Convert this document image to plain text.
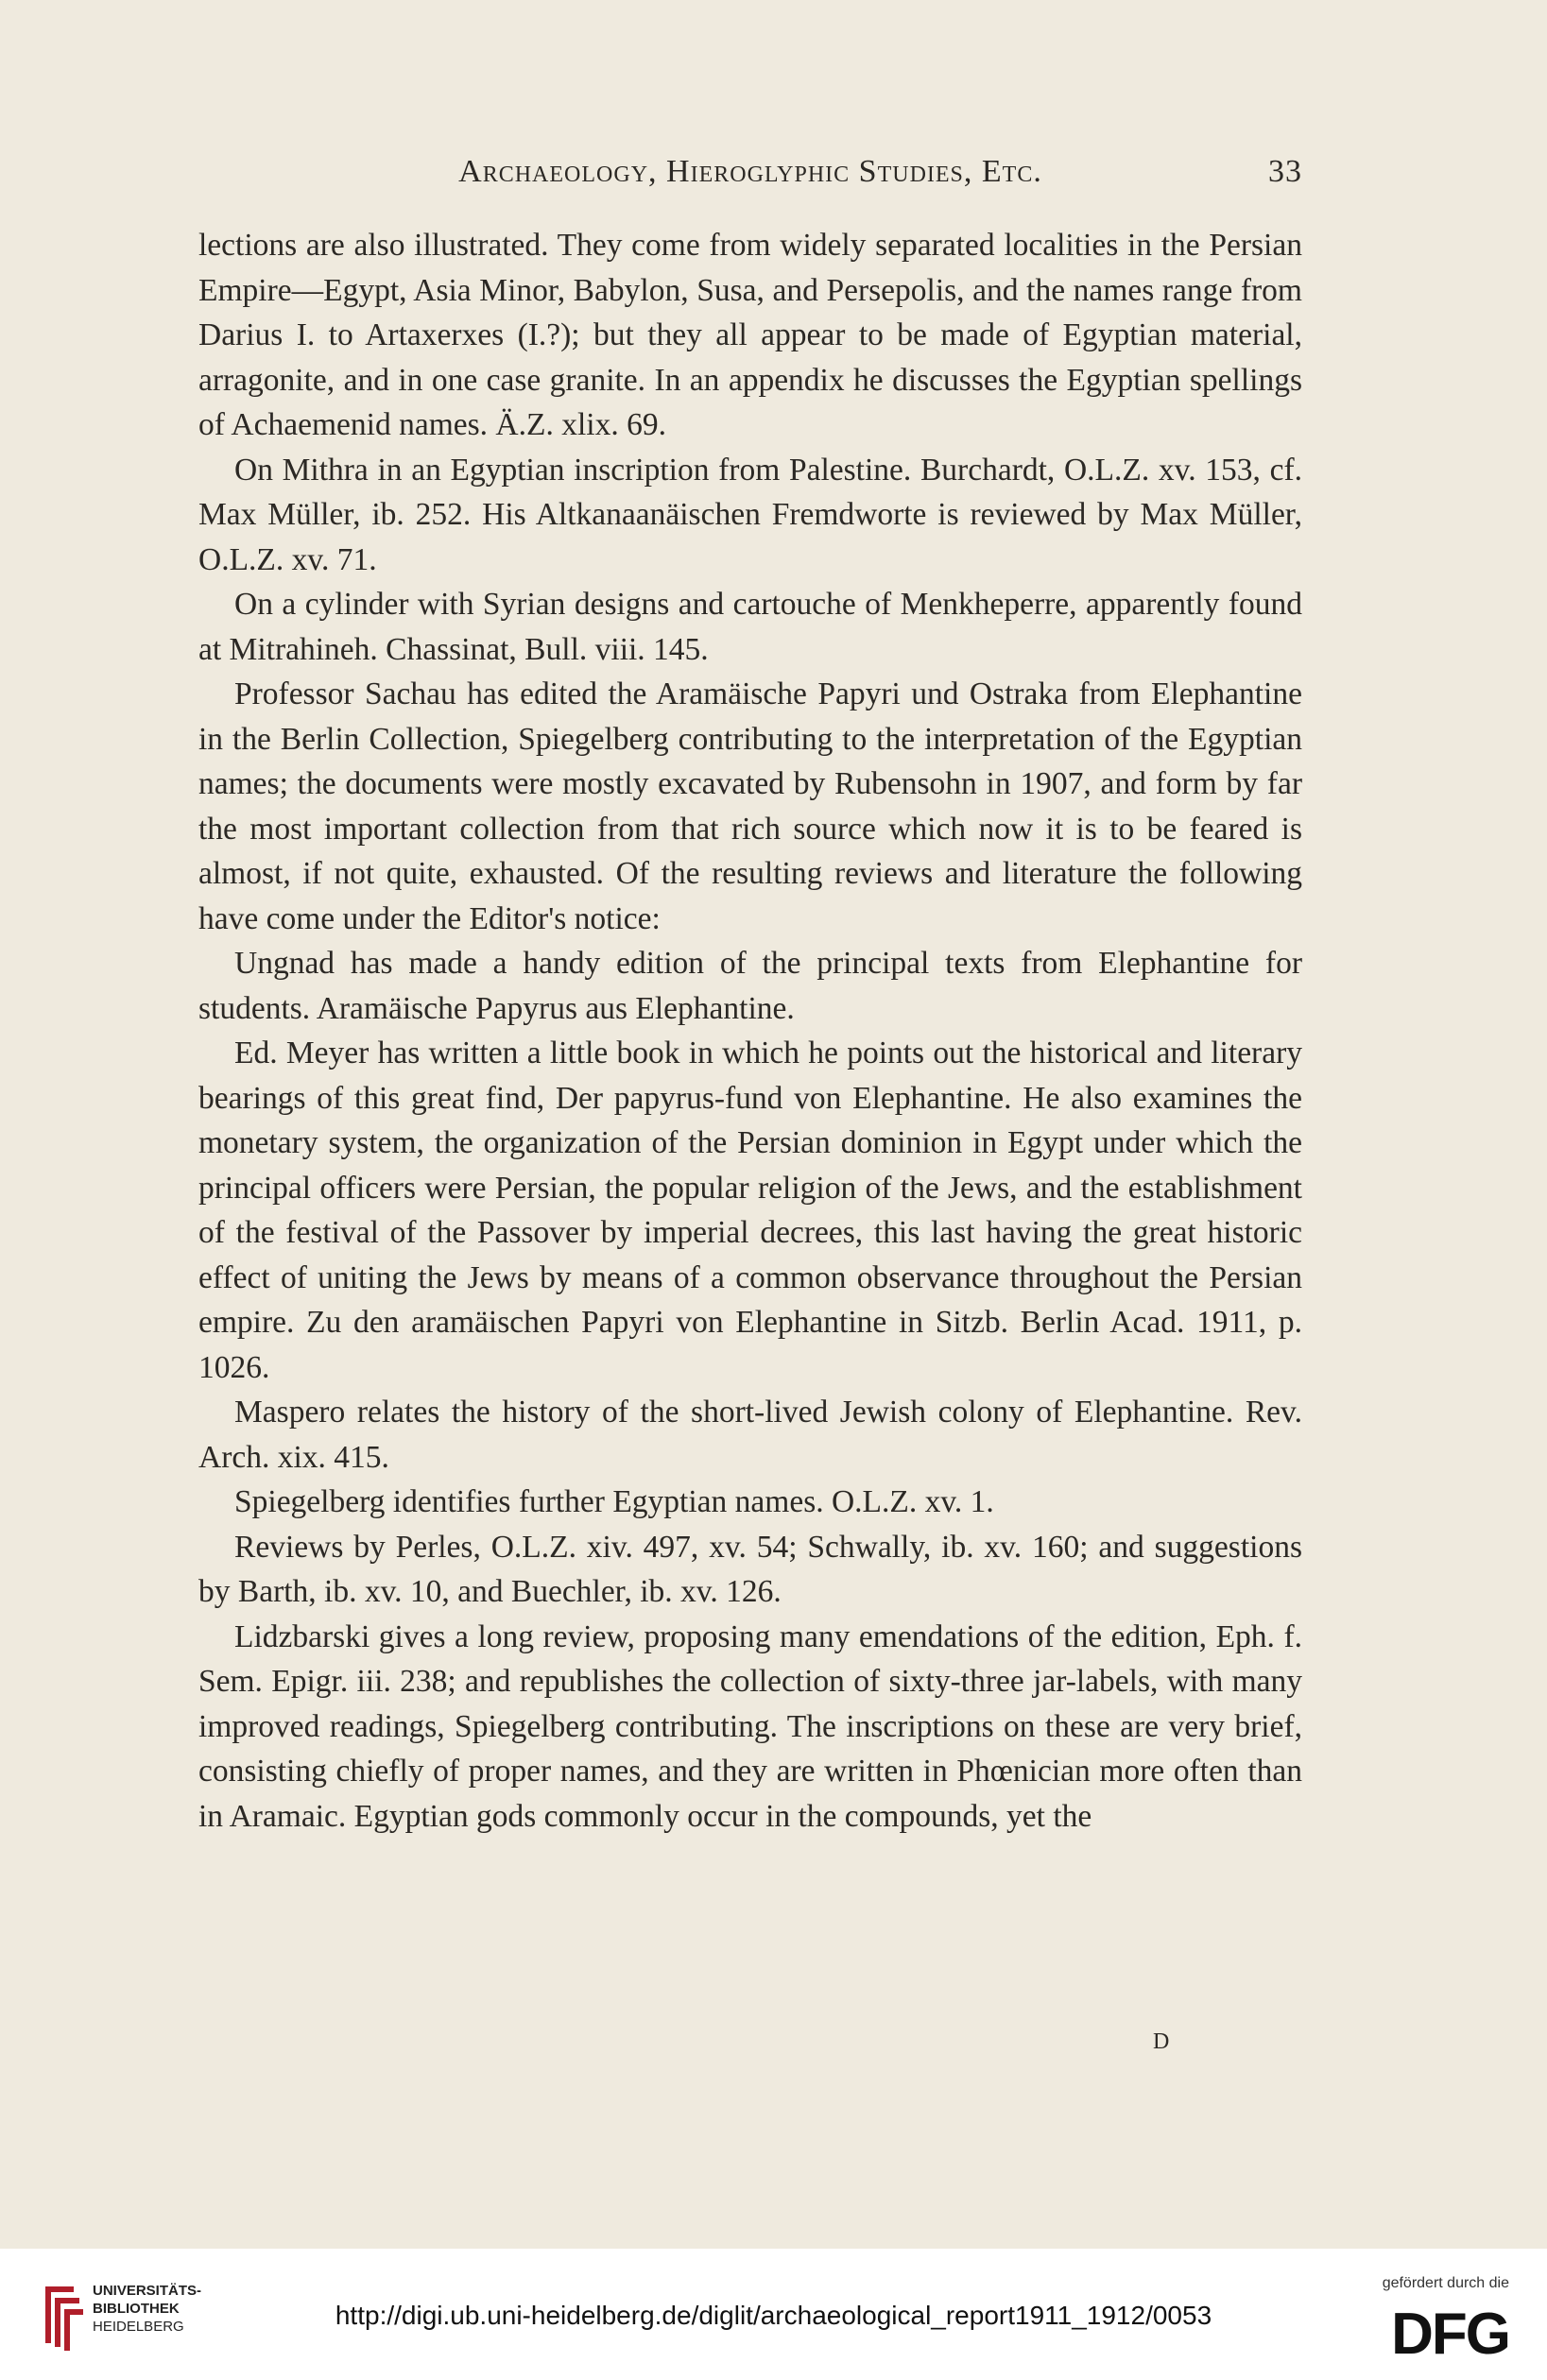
Archaeology, Hieroglyphic Studies, Etc.	33

lections are also illustrated. They come from widely separated localities in the Persian Empire—Egypt, Asia Minor, Babylon, Susa, and Persepolis, and the names range from Darius I. to Artaxerxes (I.?); but they all appear to be made of Egyptian material, arragonite, and in one case granite. In an appendix he discusses the Egyptian spellings of Achaemenid names. Ä.Z. xlix. 69.

On Mithra in an Egyptian inscription from Palestine. Burchardt, O.L.Z. xv. 153, cf. Max Müller, ib. 252. His Altkanaanäischen Fremdworte is reviewed by Max Müller, O.L.Z. xv. 71.

On a cylinder with Syrian designs and cartouche of Menkheperre, apparently found at Mitrahineh. Chassinat, Bull. viii. 145.

Professor Sachau has edited the Aramäische Papyri und Ostraka from Elephantine in the Berlin Collection, Spiegelberg contributing to the interpretation of the Egyptian names; the documents were mostly excavated by Rubensohn in 1907, and form by far the most important collection from that rich source which now it is to be feared is almost, if not quite, exhausted. Of the resulting reviews and literature the following have come under the Editor's notice:

Ungnad has made a handy edition of the principal texts from Elephantine for students. Aramäische Papyrus aus Elephantine.

Ed. Meyer has written a little book in which he points out the historical and literary bearings of this great find, Der papyrus-fund von Elephantine. He also examines the monetary system, the organization of the Persian dominion in Egypt under which the principal officers were Persian, the popular religion of the Jews, and the establishment of the festival of the Passover by imperial decrees, this last having the great historic effect of uniting the Jews by means of a common observance throughout the Persian empire. Zu den aramäischen Papyri von Elephantine in Sitzb. Berlin Acad. 1911, p. 1026.

Maspero relates the history of the short-lived Jewish colony of Elephantine. Rev. Arch. xix. 415.

Spiegelberg identifies further Egyptian names. O.L.Z. xv. 1.

Reviews by Perles, O.L.Z. xiv. 497, xv. 54; Schwally, ib. xv. 160; and suggestions by Barth, ib. xv. 10, and Buechler, ib. xv. 126.

Lidzbarski gives a long review, proposing many emendations of the edition, Eph. f. Sem. Epigr. iii. 238; and republishes the collection of sixty-three jar-labels, with many improved readings, Spiegelberg contributing. The inscriptions on these are very brief, consisting chiefly of proper names, and they are written in Phœnician more often than in Aramaic. Egyptian gods commonly occur in the compounds, yet the

D
UNIVERSITÄTS-
BIBLIOTHEK
HEIDELBERG	http://digi.ub.uni-heidelberg.de/diglit/archaeological_report1911_1912/0053
gefördert durch die
DFG
